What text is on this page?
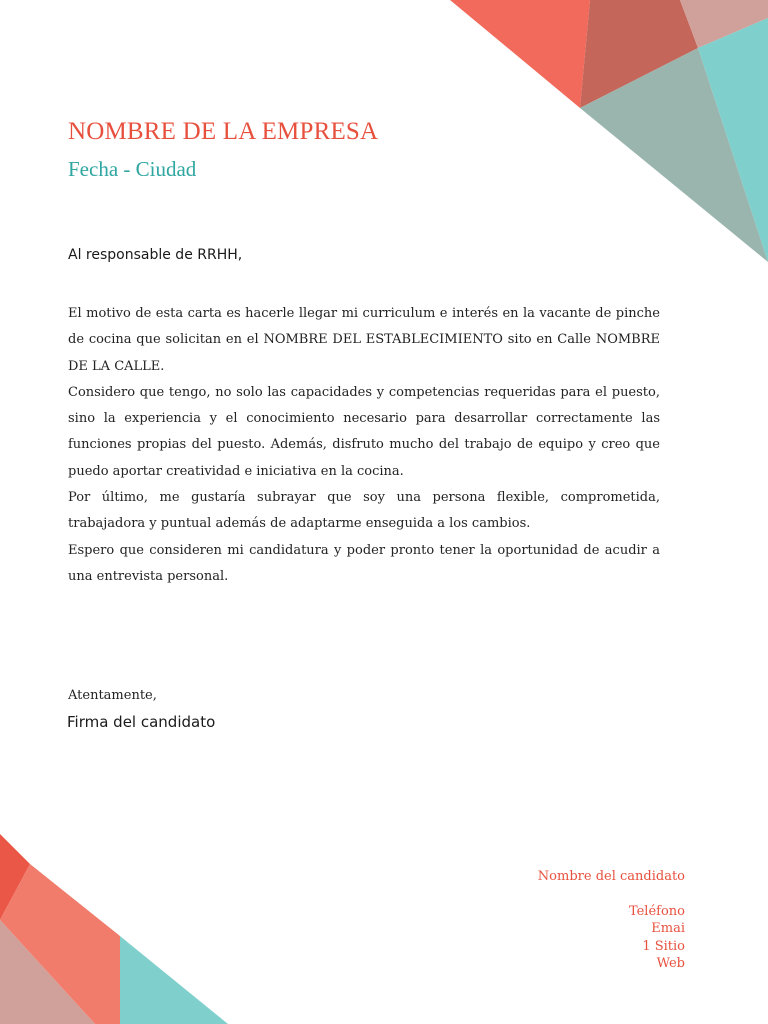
NOMBRE DE LA EMPRESA
Fecha - Ciudad
Al responsable de RRHH,

El motivo de esta carta es hacerle llegar mi curriculum e interés en la vacante de pinche de cocina que solicitan en el NOMBRE DEL ESTABLECIMIENTO sito en Calle NOMBRE DE LA CALLE.

Considero que tengo, no solo las capacidades y competencias requeridas para el puesto, sino la experiencia y el conocimiento necesario para desarrollar correctamente las funciones propias del puesto. Además, disfruto mucho del trabajo de equipo y creo que puedo aportar creatividad e iniciativa en la cocina.

Por último, me gustaría subrayar que soy una persona flexible, comprometida, trabajadora y puntual además de adaptarme enseguida a los cambios.

Espero que consideren mi candidatura y poder pronto tener la oportunidad de acudir a una entrevista personal.

Atentamente,
Firma del candidato
Nombre del candidato
Teléfono
Emai
1 Sitio
Web
